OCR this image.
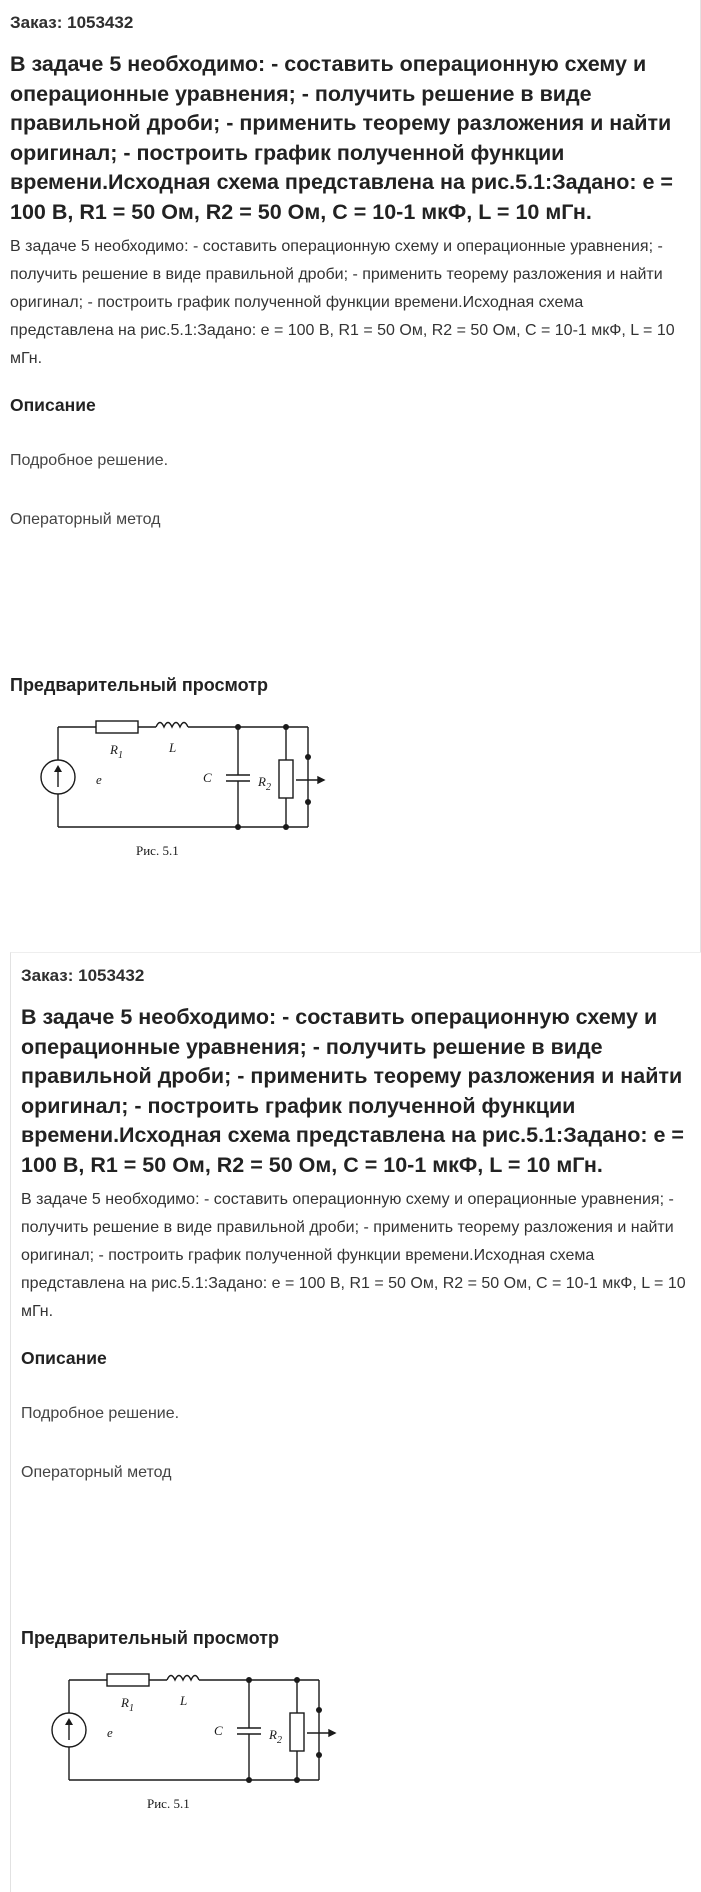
Заказ: 1053432
В задаче 5 необходимо: - составить операционную схему и операционные уравнения; - получить решение в виде правильной дроби; - применить теорему разложения и найти оригинал; - построить график полученной функции времени.Исходная схема представлена на рис.5.1:Задано: е = 100 В, R1 = 50 Ом, R2 = 50 Ом, С = 10-1 мкФ, L = 10 мГн.
В задаче 5 необходимо: - составить операционную схему и операционные уравнения; - получить решение в виде правильной дроби; - применить теорему разложения и найти оригинал; - построить график полученной функции времени.Исходная схема представлена на рис.5.1:Задано: е = 100 В, R1 = 50 Ом, R2 = 50 Ом, С = 10-1 мкФ, L = 10 мГн.
Описание
Подробное решение.
Операторный метод
Предварительный просмотр
$R_1$
L
e	C	$R_2$
Рис. 5.1
Заказ: 1053432
В задаче 5 необходимо: - составить операционную схему и операционные уравнения; - получить решение в виде правильной дроби; - применить теорему разложения и найти оригинал; - построить график полученной функции времени.Исходная схема представлена на рис.5.1:Задано: е = 100 В, R1 = 50 Ом, R2 = 50 Ом, С = 10-1 мкФ, L = 10 мГн.
В задаче 5 необходимо: - составить операционную схему и операционные уравнения; - получить решение в виде правильной дроби; - применить теорему разложения и найти оригинал; - построить график полученной функции времени.Исходная схема представлена на рис.5.1:Задано: е = 100 В, R1 = 50 Ом, R2 = 50 Ом, С = 10-1 мкФ, L = 10 мГн.
Описание
Подробное решение.
Операторный метод
Предварительный просмотр
$R_1$
L
e	C	$R_2$
Рис. 5.1
